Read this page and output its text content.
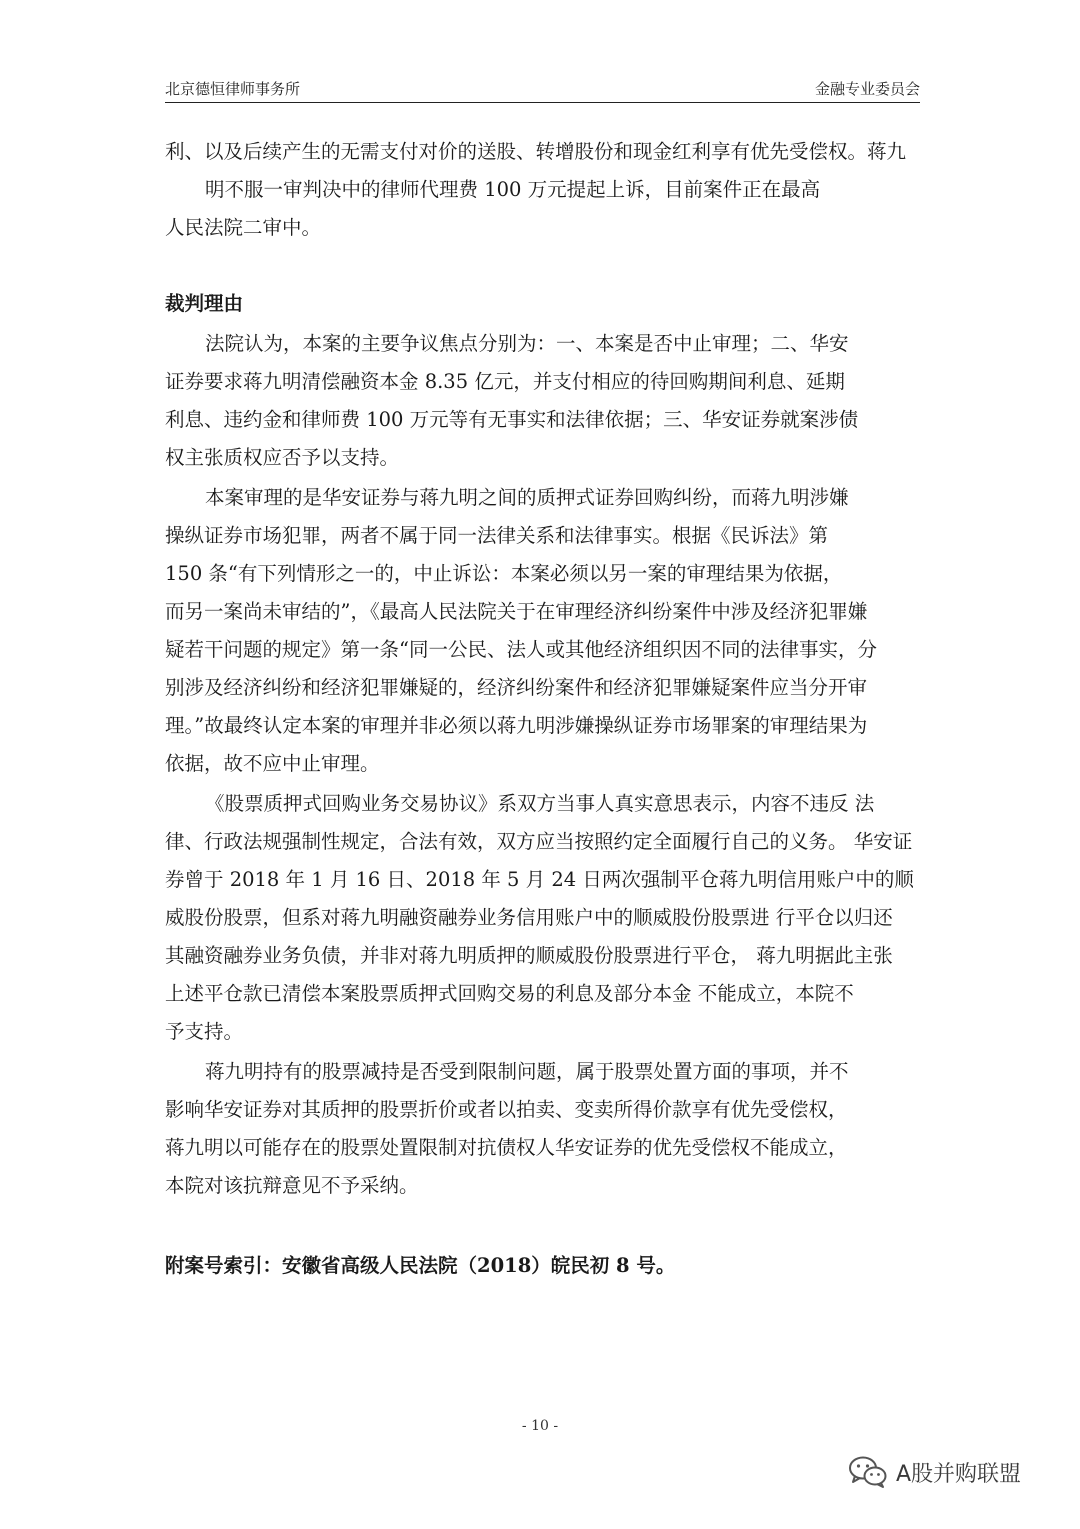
北京德恒律师事务所	金融专业委员会
利、以及后续产生的无需支付对价的送股、转增股份和现金红利享有优先受偿权。蒋九
明不服一审判决中的律师代理费 100 万元提起上诉，目前案件正在最高
人民法院二审中。
裁判理由
法院认为，本案的主要争议焦点分别为：一、本案是否中止审理；二、华安
证券要求蒋九明清偿融资本金 8.35 亿元，并支付相应的待回购期间利息、延期
利息、违约金和律师费 100 万元等有无事实和法律依据；三、华安证券就案涉债
权主张质权应否予以支持。
本案审理的是华安证券与蒋九明之间的质押式证券回购纠纷，而蒋九明涉嫌
操纵证券市场犯罪，两者不属于同一法律关系和法律事实。根据《民诉法》第
150 条“有下列情形之一的，中止诉讼：本案必须以另一案的审理结果为依据，
而另一案尚未审结的”，《最高人民法院关于在审理经济纠纷案件中涉及经济犯罪嫌
疑若干问题的规定》第一条“同一公民、法人或其他经济组织因不同的法律事实，分
别涉及经济纠纷和经济犯罪嫌疑的，经济纠纷案件和经济犯罪嫌疑案件应当分开审
理。”故最终认定本案的审理并非必须以蒋九明涉嫌操纵证券市场罪案的审理结果为
依据，故不应中止审理。
《股票质押式回购业务交易协议》系双方当事人真实意思表示，内容不违反 法
律、行政法规强制性规定，合法有效，双方应当按照约定全面履行自己的义务。 华安证
券曾于 2018 年 1 月 16 日、2018 年 5 月 24 日两次强制平仓蒋九明信用账户中的顺
威股份股票，但系对蒋九明融资融券业务信用账户中的顺威股份股票进 行平仓以归还
其融资融券业务负债，并非对蒋九明质押的顺威股份股票进行平仓， 蒋九明据此主张
上述平仓款已清偿本案股票质押式回购交易的利息及部分本金 不能成立，本院不
予支持。
蒋九明持有的股票减持是否受到限制问题，属于股票处置方面的事项，并不
影响华安证券对其质押的股票折价或者以拍卖、变卖所得价款享有优先受偿权，
蒋九明以可能存在的股票处置限制对抗债权人华安证券的优先受偿权不能成立，
本院对该抗辩意见不予采纳。
附案号索引：安徽省高级人民法院（2018）皖民初 8 号。
- 10 -
A股并购联盟
